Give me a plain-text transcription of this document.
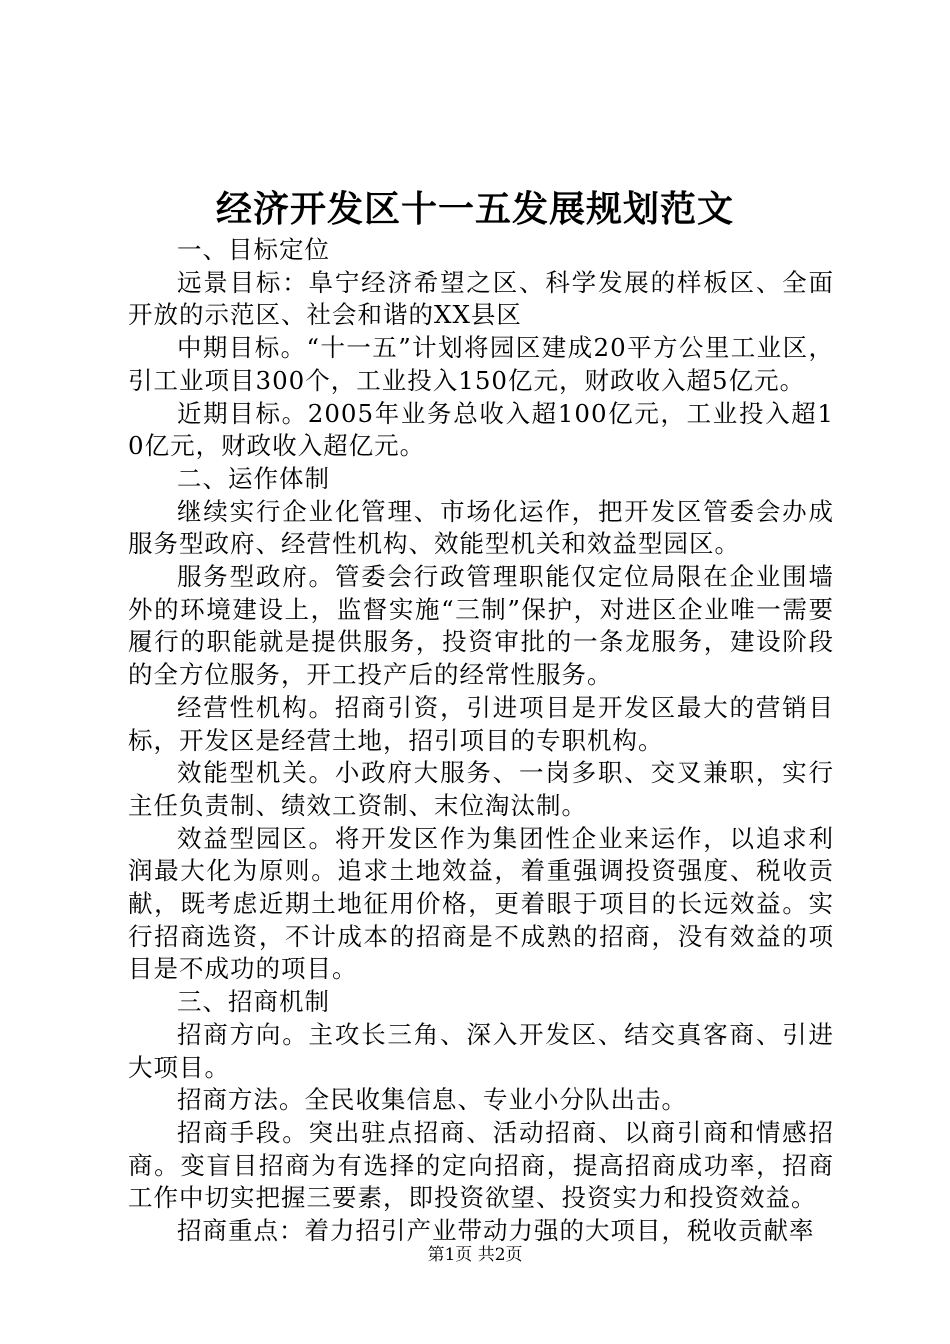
经济开发区十一五发展规划范文

一、目标定位

远景目标：阜宁经济希望之区、科学发展的样板区、全面开放的示范区、社会和谐的XX县区

中期目标。“十一五”计划将园区建成20平方公里工业区，引工业项目300个，工业投入150亿元，财政收入超5亿元。

近期目标。2005年业务总收入超100亿元，工业投入超10亿元，财政收入超亿元。

二、运作体制

继续实行企业化管理、市场化运作，把开发区管委会办成服务型政府、经营性机构、效能型机关和效益型园区。

服务型政府。管委会行政管理职能仅定位局限在企业围墙外的环境建设上，监督实施“三制”保护，对进区企业唯一需要履行的职能就是提供服务，投资审批的一条龙服务，建设阶段的全方位服务，开工投产后的经常性服务。

经营性机构。招商引资，引进项目是开发区最大的营销目标，开发区是经营土地，招引项目的专职机构。

效能型机关。小政府大服务、一岗多职、交叉兼职，实行主任负责制、绩效工资制、末位淘汰制。

效益型园区。将开发区作为集团性企业来运作，以追求利润最大化为原则。追求土地效益，着重强调投资强度、税收贡献，既考虑近期土地征用价格，更着眼于项目的长远效益。实行招商选资，不计成本的招商是不成熟的招商，没有效益的项目是不成功的项目。

三、招商机制

招商方向。主攻长三角、深入开发区、结交真客商、引进大项目。

招商方法。全民收集信息、专业小分队出击。

招商手段。突出驻点招商、活动招商、以商引商和情感招商。变盲目招商为有选择的定向招商，提高招商成功率，招商工作中切实把握三要素，即投资欲望、投资实力和投资效益。

招商重点：着力招引产业带动力强的大项目，税收贡献率

第1页 共2页
